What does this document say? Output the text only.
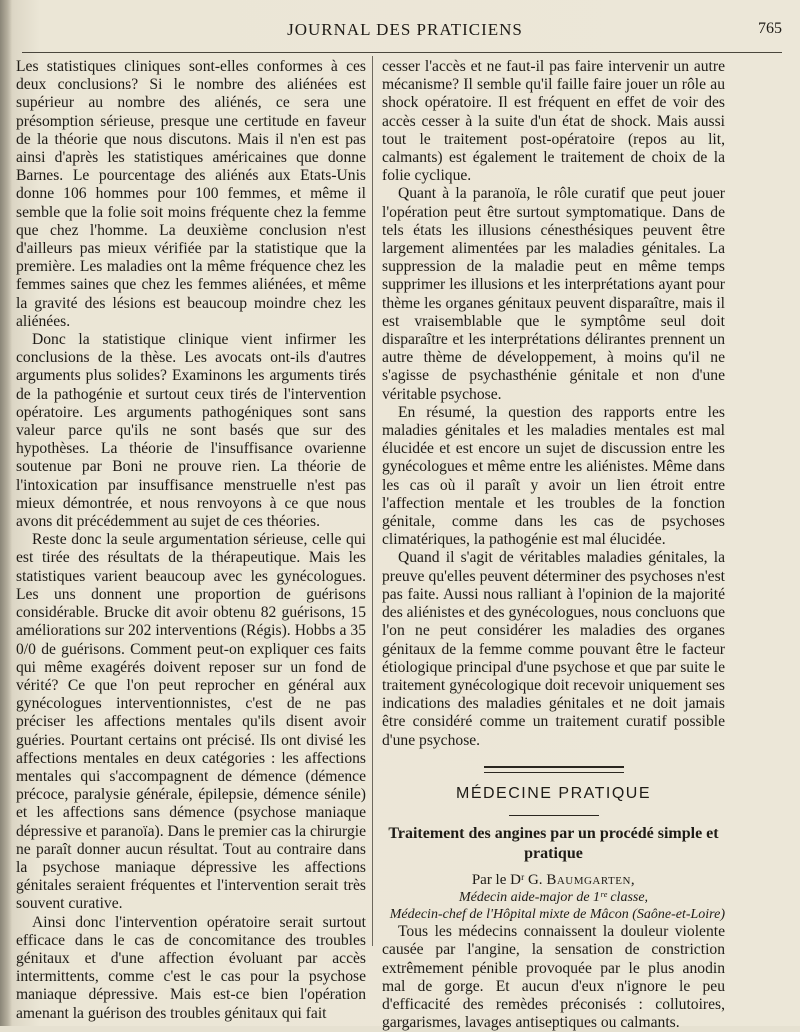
JOURNAL DES PRATICIENS	765

Les statistiques cliniques sont-elles conformes à ces deux conclusions? Si le nombre des aliénées est supérieur au nombre des aliénés, ce sera une présomption sérieuse, presque une certitude en faveur de la théorie que nous discutons. Mais il n'en est pas ainsi d'après les statistiques américaines que donne Barnes. Le pourcentage des aliénés aux Etats-Unis donne 106 hommes pour 100 femmes, et même il semble que la folie soit moins fréquente chez la femme que chez l'homme. La deuxième conclusion n'est d'ailleurs pas mieux vérifiée par la statistique que la première. Les maladies ont la même fréquence chez les femmes saines que chez les femmes aliénées, et même la gravité des lésions est beaucoup moindre chez les aliénées.

Donc la statistique clinique vient infirmer les conclusions de la thèse. Les avocats ont-ils d'autres arguments plus solides? Examinons les arguments tirés de la pathogénie et surtout ceux tirés de l'intervention opératoire. Les arguments pathogéniques sont sans valeur parce qu'ils ne sont basés que sur des hypothèses. La théorie de l'insuffisance ovarienne soutenue par Boni ne prouve rien. La théorie de l'intoxication par insuffisance menstruelle n'est pas mieux démontrée, et nous renvoyons à ce que nous avons dit précédemment au sujet de ces théories.

Reste donc la seule argumentation sérieuse, celle qui est tirée des résultats de la thérapeutique. Mais les statistiques varient beaucoup avec les gynécologues. Les uns donnent une proportion de guérisons considérable. Brucke dit avoir obtenu 82 guérisons, 15 améliorations sur 202 interventions (Régis). Hobbs a 35 0/0 de guérisons. Comment peut-on expliquer ces faits qui même exagérés doivent reposer sur un fond de vérité? Ce que l'on peut reprocher en général aux gynécologues interventionnistes, c'est de ne pas préciser les affections mentales qu'ils disent avoir guéries. Pourtant certains ont précisé. Ils ont divisé les affections mentales en deux catégories : les affections mentales qui s'accompagnent de démence (démence précoce, paralysie générale, épilepsie, démence sénile) et les affections sans démence (psychose maniaque dépressive et paranoïa). Dans le premier cas la chirurgie ne paraît donner aucun résultat. Tout au contraire dans la psychose maniaque dépressive les affections génitales seraient fréquentes et l'intervention serait très souvent curative.

Ainsi donc l'intervention opératoire serait surtout efficace dans le cas de concomitance des troubles génitaux et d'une affection évoluant par accès intermittents, comme c'est le cas pour la psychose maniaque dépressive. Mais est-ce bien l'opération amenant la guérison des troubles génitaux qui fait

cesser l'accès et ne faut-il pas faire intervenir un autre mécanisme? Il semble qu'il faille faire jouer un rôle au shock opératoire. Il est fréquent en effet de voir des accès cesser à la suite d'un état de shock. Mais aussi tout le traitement post-opératoire (repos au lit, calmants) est également le traitement de choix de la folie cyclique.

Quant à la paranoïa, le rôle curatif que peut jouer l'opération peut être surtout symptomatique. Dans de tels états les illusions cénesthésiques peuvent être largement alimentées par les maladies génitales. La suppression de la maladie peut en même temps supprimer les illusions et les interprétations ayant pour thème les organes génitaux peuvent disparaître, mais il est vraisemblable que le symptôme seul doit disparaître et les interprétations délirantes prennent un autre thème de développement, à moins qu'il ne s'agisse de psychasthénie génitale et non d'une véritable psychose.

En résumé, la question des rapports entre les maladies génitales et les maladies mentales est mal élucidée et est encore un sujet de discussion entre les gynécologues et même entre les aliénistes. Même dans les cas où il paraît y avoir un lien étroit entre l'affection mentale et les troubles de la fonction génitale, comme dans les cas de psychoses climatériques, la pathogénie est mal élucidée.

Quand il s'agit de véritables maladies génitales, la preuve qu'elles peuvent déterminer des psychoses n'est pas faite. Aussi nous ralliant à l'opinion de la majorité des aliénistes et des gynécologues, nous concluons que l'on ne peut considérer les maladies des organes génitaux de la femme comme pouvant être le facteur étiologique principal d'une psychose et que par suite le traitement gynécologique doit recevoir uniquement ses indications des maladies génitales et ne doit jamais être considéré comme un traitement curatif possible d'une psychose.

MÉDECINE PRATIQUE
Traitement des angines par un procédé simple et pratique
Par le Dʳ G. Baumgarten,
Médecin aide-major de 1ʳᵉ classe,
Médecin-chef de l'Hôpital mixte de Mâcon (Saône-et-Loire)

Tous les médecins connaissent la douleur violente causée par l'angine, la sensation de constriction extrêmement pénible provoquée par le plus anodin mal de gorge. Et aucun d'eux n'ignore le peu d'efficacité des remèdes préconisés : collutoires, gargarismes, lavages antiseptiques ou calmants.
